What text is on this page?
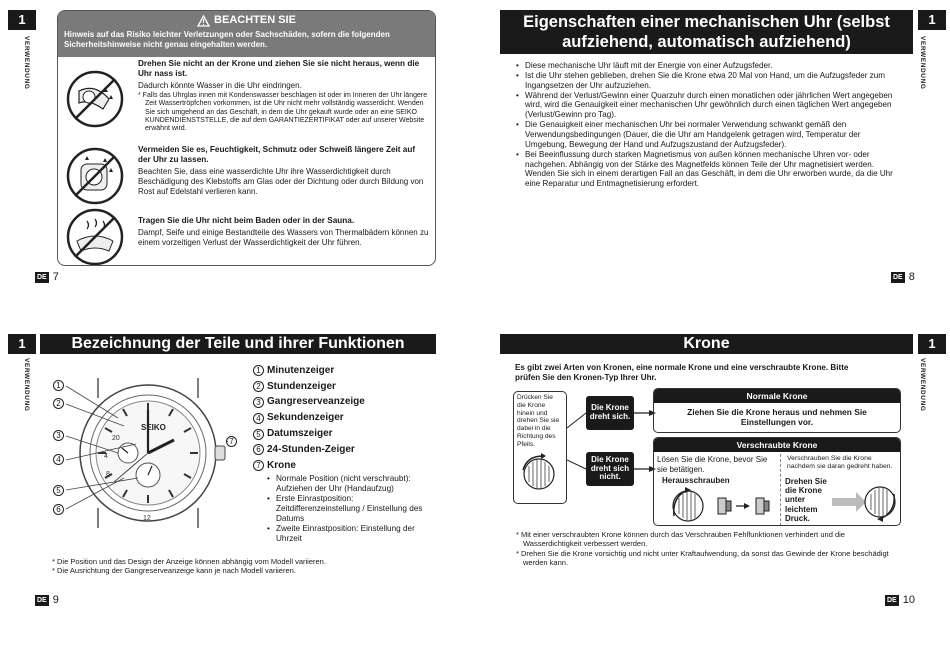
1
VERWENDUNG
BEACHTEN SIE
Hinweis auf das Risiko leichter Verletzungen oder Sachschäden, sofern die folgenden Sicherheitshinweise nicht genau eingehalten werden.
Drehen Sie nicht an der Krone und ziehen Sie sie nicht heraus, wenn die Uhr nass ist.

Dadurch könnte Wasser in die Uhr eindringen.

* Falls das Uhrglas innen mit Kondenswasser beschlagen ist oder im Inneren der Uhr längere Zeit Wassertröpfchen vorkommen, ist die Uhr nicht mehr vollständig wasserdicht. Wenden Sie sich umgehend an das Geschäft, in dem die Uhr gekauft wurde oder an eine SEIKO KUNDENDIENSTSTELLE, die auf dem GARANTIEZERTIFIKAT oder auf unserer Website erwähnt wird.

Vermeiden Sie es, Feuchtigkeit, Schmutz oder Schweiß längere Zeit auf der Uhr zu lassen.

Beachten Sie, dass eine wasserdichte Uhr ihre Wasserdichtigkeit durch Beschädigung des Klebstoffs am Glas oder der Dichtung oder durch Bildung von Rost auf Edelstahl verlieren kann.

Tragen Sie die Uhr nicht beim Baden oder in der Sauna.

Dampf, Seife und einige Bestandteile des Wassers von Thermalbädern können zu einem vorzeitigen Verlust der Wasserdichtigkeit der Uhr führen.

DE 7
Eigenschaften einer mechanischen Uhr (selbst aufziehend, automatisch aufziehend)
1
VERWENDUNG
• Diese mechanische Uhr läuft mit der Energie von einer Aufzugsfeder.
• Ist die Uhr stehen geblieben, drehen Sie die Krone etwa 20 Mal von Hand, um die Aufzugsfeder zum Ingangsetzen der Uhr aufzuziehen.
• Während der Verlust/Gewinn einer Quarzuhr durch einen monatlichen oder jährlichen Wert angegeben wird, wird die Genauigkeit einer mechanischen Uhr gewöhnlich durch einen täglichen Wert angegeben (Verlust/Gewinn pro Tag).
• Die Genauigkeit einer mechanischen Uhr bei normaler Verwendung schwankt gemäß den Verwendungsbedingungen (Dauer, die die Uhr am Handgelenk getragen wird, Temperatur der Umgebung, Bewegung der Hand und Aufzugszustand der Aufzugsfeder).
• Bei Beeinflussung durch starken Magnetismus von außen können mechanische Uhren vor- oder nachgehen. Abhängig von der Stärke des Magnetfelds können Teile der Uhr magnetisiert werden. Wenden Sie sich in einem derartigen Fall an das Geschäft, in dem die Uhr erworben wurde, da die Uhr eine Reparatur und Entmagnetisierung erfordert.
DE 8
1
VERWENDUNG
Bezeichnung der Teile und ihrer Funktionen
SEIKO
20
4
8
12
1
2
3
4
5
6
7
1 Minutenzeiger
2 Stundenzeiger
3 Gangreserveanzeige
4 Sekundenzeiger
5 Datumszeiger
6 24-Stunden-Zeiger
7 Krone
• Normale Position (nicht verschraubt): Aufziehen der Uhr (Handaufzug)
• Erste Einrastposition: Zeitdifferenzeinstellung / Einstellung des Datums
• Zweite Einrastposition: Einstellung der Uhrzeit

* Die Position und das Design der Anzeige können abhängig vom Modell variieren.

* Die Ausrichtung der Gangreserveanzeige kann je nach Modell variieren.

DE 9
Krone	1
VERWENDUNG
Es gibt zwei Arten von Kronen, eine normale Krone und eine verschraubte Krone. Bitte prüfen Sie den Kronen-Typ Ihrer Uhr.
Drücken Sie die Krone hinein und drehen Sie sie dabei in die Richtung des Pfeils.
Die Krone dreht sich.
Die Krone dreht sich nicht.
Normale Krone
Ziehen Sie die Krone heraus und nehmen Sie Einstellungen vor.
Verschraubte Krone
Lösen Sie die Krone, bevor Sie sie betätigen.
Herausschrauben
Verschrauben Sie die Krone nachdem sie daran gedreht haben.
Drehen Sie die Krone unter leichtem Druck.

* Mit einer verschraubten Krone können durch das Verschrauben Fehlfunktionen verhindert und die Wasserdichtigkeit verbessert werden.

* Drehen Sie die Krone vorsichtig und nicht unter Kraftaufwendung, da sonst das Gewinde der Krone beschädigt werden kann.

DE 10
